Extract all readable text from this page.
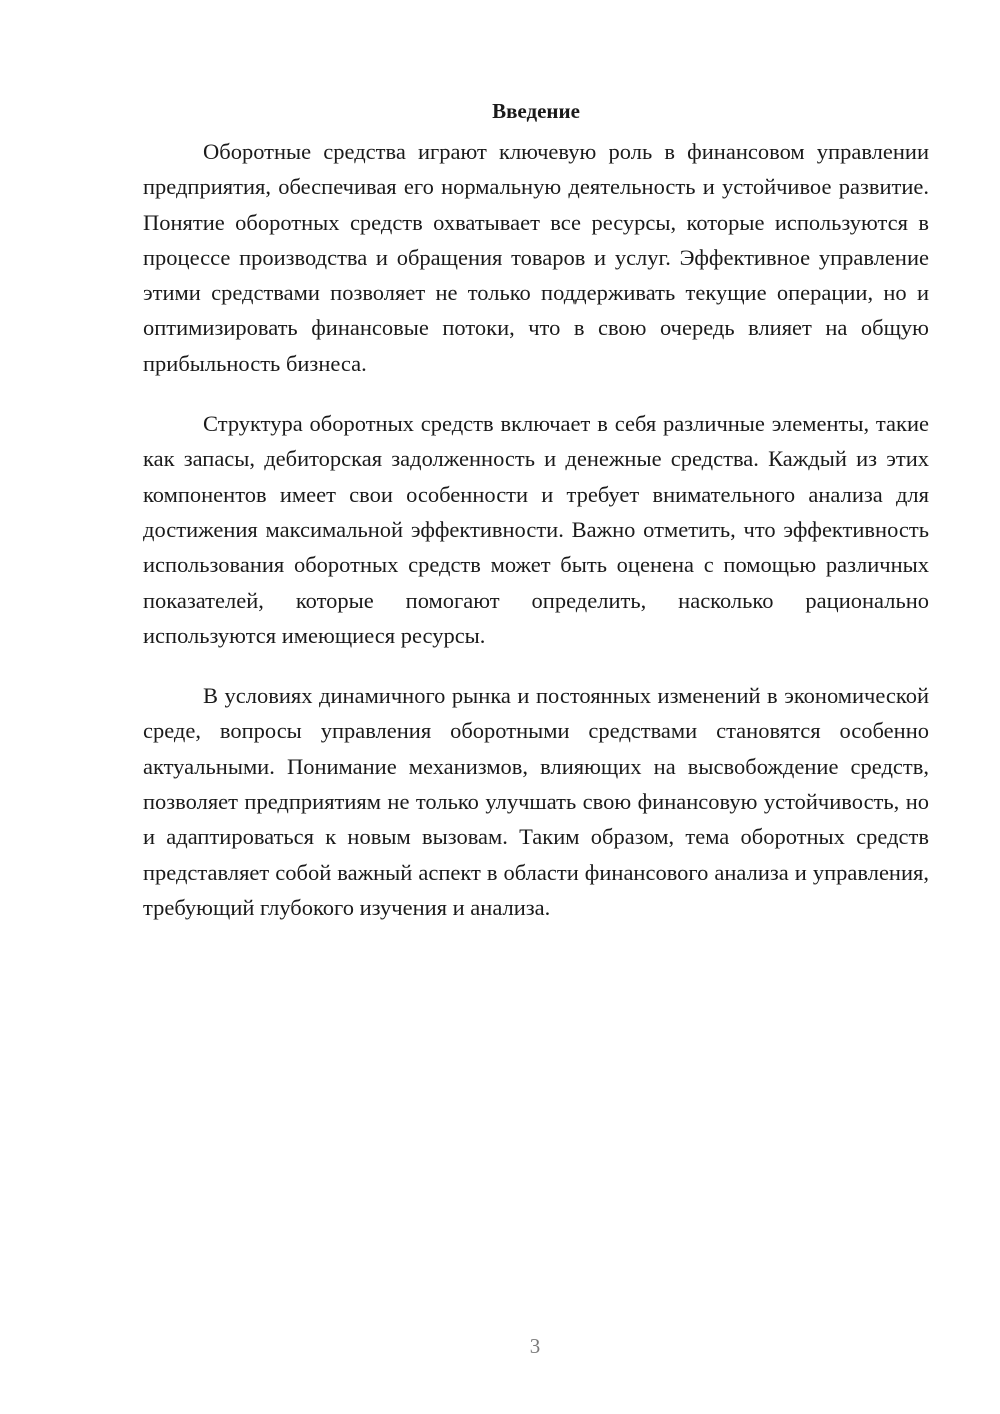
Введение

Оборотные средства играют ключевую роль в финансовом управлении предприятия, обеспечивая его нормальную деятельность и устойчивое развитие. Понятие оборотных средств охватывает все ресурсы, которые используются в процессе производства и обращения товаров и услуг. Эффективное управление этими средствами позволяет не только поддерживать текущие операции, но и оптимизировать финансовые потоки, что в свою очередь влияет на общую прибыльность бизнеса.

Структура оборотных средств включает в себя различные элементы, такие как запасы, дебиторская задолженность и денежные средства. Каждый из этих компонентов имеет свои особенности и требует внимательного анализа для достижения максимальной эффективности. Важно отметить, что эффективность использования оборотных средств может быть оценена с помощью различных показателей, которые помогают определить, насколько рационально используются имеющиеся ресурсы.

В условиях динамичного рынка и постоянных изменений в экономической среде, вопросы управления оборотными средствами становятся особенно актуальными. Понимание механизмов, влияющих на высвобождение средств, позволяет предприятиям не только улучшать свою финансовую устойчивость, но и адаптироваться к новым вызовам. Таким образом, тема оборотных средств представляет собой важный аспект в области финансового анализа и управления, требующий глубокого изучения и анализа.

3
